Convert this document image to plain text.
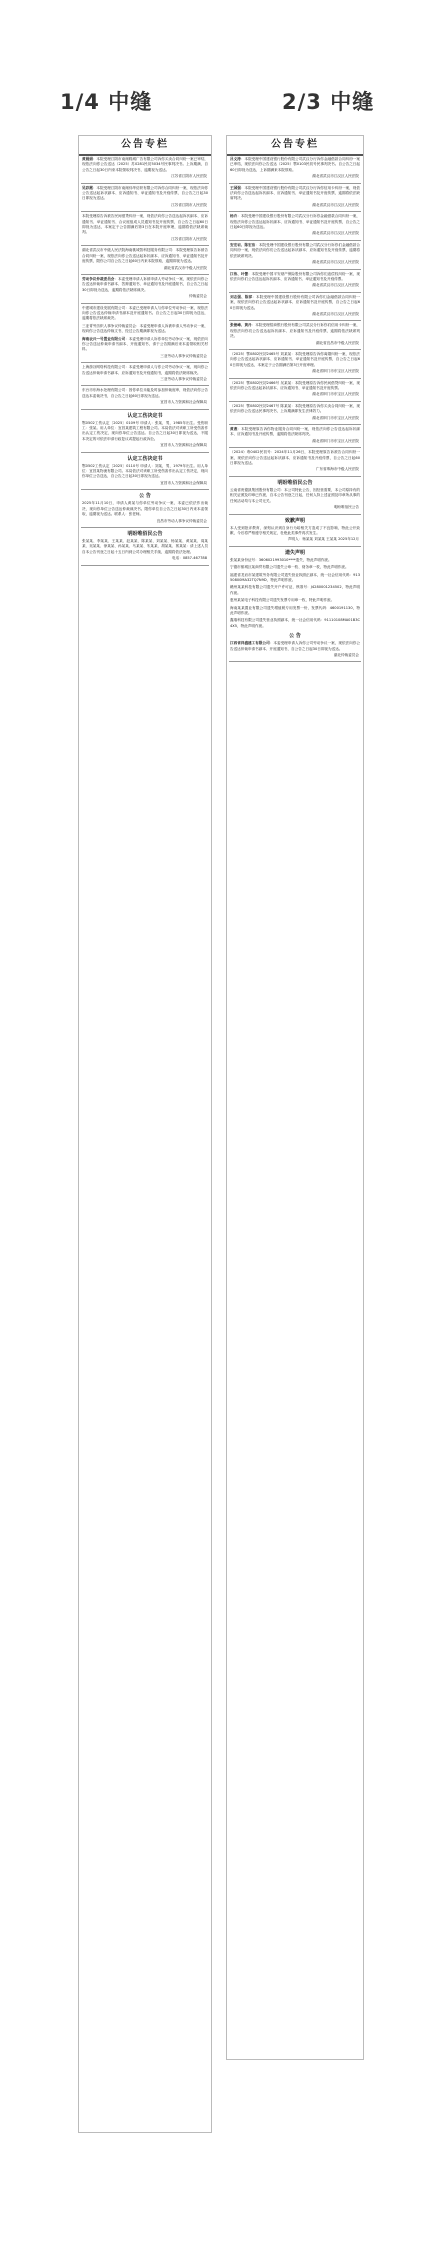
1/4 中缝	2/3 中缝
公告专栏

黄娟娟：本院受理江阴市南闸鞋城广告有限公司诉你买卖合同纠纷一案已审结，现依法向你公告送达（2025）苏0281民初5034号民事判决书。上诉期满，自公告之日起30日内来本院领取判决书，逾期视为送达。

江苏省江阴市人民法院

吴彩霞：本院受理江阴市南闸伟华纺织有限公司诉你合同纠纷一案，现依法向你公告送达起诉状副本、应诉通知书、举证通知书及开庭传票，自公告之日起30日即视为送达。

江苏省江阴市人民法院

本院受理原告诉被告民间借贷纠纷一案，现依法向你公告送达起诉状副本、应诉通知书、举证通知书、合议庭组成人员通知书及开庭传票，自公告之日起60日即视为送达，本案定于公告期满后第3日在本院开庭审理，逾期将依法缺席裁判。

江苏省江阴市人民法院

湖北省武汉市中级人民法院海南桃城智科技服务有限公司：本院受理原告诉被告合同纠纷一案，现依法向你公告送达起诉状副本、应诉通知书、举证通知书及开庭传票，限你公司自公告之日起60日内来本院领取，逾期即视为送达。

湖北省武汉市中级人民法院

劳动争议仲裁委员会：本委受理申请人诉被申请人劳动争议一案，现依法向你公告送达仲裁申请书副本、答辩通知书、举证通知书及开庭通知书，自公告之日起30日即视为送达，逾期将依法缺席裁决。

仲裁委员会

中建城市建设发展有限公司：本委已受理申请人与你单位劳动争议一案，现依法向你公告送达仲裁申请书副本及开庭通知书。自公告之日起30日即视为送达，逾期将依法缺席裁决。

三亚青劳纺织人事争议仲裁委员会：本委受理申请人诉被申请人劳动争议一案，现向你公告送达仲裁文书，经过公告期满即视为送达。

海南农兴一号置业有限公司：本委受理申请人诉你单位劳动争议一案，现依法向你公告送达仲裁申请书副本、开庭通知书，请于公告期满后来本委领取相关材料。

三亚劳动人事争议仲裁委员会

上海游谷网络科技有限公司：本委受理申请人与你公司劳动争议一案，现向你公告送达仲裁申请书副本、应诉通知书及开庭通知书，逾期将依法缺席裁决。

三亚劳动人事争议仲裁委员会

东台市东海水处理有限公司：因你单位未能及时参加仲裁庭审，现依法向你公告送达本委裁决书，自公告之日起60日即视为送达。

宜昌市人力资源和社会保障局
认定工伤决定书

鄂0502工伤认定〔2025〕0109号 申请人：张某，男，1985年出生。受伤职工：张某。用人单位：宜昌某建筑工程有限公司。本局依法对该职工所受伤害作出认定工伤决定，现向你单位公告送达。自公告之日起30日即视为送达，不服本决定的可依法申请行政复议或提起行政诉讼。

宜昌市人力资源和社会保障局
认定工伤决定书

鄂0502工伤认定〔2025〕0110号 申请人：刘某，男，1979年出生。用人单位：宜昌某物流有限公司。本局依法对该职工所受伤害作出认定工伤决定，现向你单位公告送达，自公告之日起30日即视为送达。

宜昌市人力资源和社会保障局
公 告

2025年11月10日，申请人黄某与你单位劳动争议一案，本委已依法作出裁决，现向你单位公告送达仲裁裁决书。限你单位自公告之日起30日内来本委领取，逾期视为送达。联系人：张老师。

宜昌市劳动人事争议仲裁委员会
明盼唯佰民公告

张某某、李某某、王某某、赵某某、陈某某、刘某某、杨某某、黄某某、周某某、吴某某、徐某某、孙某某、马某某、朱某某、胡某某、郭某某：请上述人员自本公告刊登之日起十五日内到公司办理相关手续，逾期将依法处理。

电话：0857-467788
公告专栏

吕文涛：本院受理中国建设银行股份有限公司武汉分行诉你金融借款合同纠纷一案已审结，现依法向你公告送达（2025）鄂0103民初号民事判决书。自公告之日起60日即视为送达，上诉期满来本院领取。

湖北省武汉市江汉区人民法院

王国强：本院受理中国建设银行股份有限公司武汉分行诉你信用卡纠纷一案，现依法向你公告送达起诉状副本、应诉通知书、举证通知书及开庭传票，逾期将依法缺席判决。

湖北省武汉市江汉区人民法院

杨卉：本院受理中国建设银行股份有限公司武汉分行诉你金融借款合同纠纷一案，现依法向你公告送达起诉状副本、应诉通知书、举证通知书及开庭传票，自公告之日起60日即视为送达。

湖北省武汉市江汉区人民法院

安宏岩、陈宏洁：本院受理中国建设银行股份有限公司武汉分行诉你们金融借款合同纠纷一案，现依法向你们公告送达起诉状副本、应诉通知书及开庭传票，逾期将依法缺席判决。

湖北省武汉市江汉区人民法院

江伟、叶蕾：本院受理中国平安财产保险股份有限公司诉你们追偿权纠纷一案，现依法向你们公告送达起诉状副本、应诉通知书、举证通知书及开庭传票。

湖北省武汉市江汉区人民法院

刘志强、陈萍：本院受理中国建设银行股份有限公司诉你们金融借款合同纠纷一案，现依法向你们公告送达起诉状副本、应诉通知书及开庭传票，自公告之日起60日即视为送达。

湖北省武汉市江汉区人民法院

张俊峰、黄丹：本院受理招商银行股份有限公司武汉分行诉你们信用卡纠纷一案，现依法向你们公告送达起诉状副本、应诉通知书及开庭传票，逾期将依法缺席判决。

湖北省宜昌市中级人民法院

（2025）鄂0802民初2465号 刘某某：本院受理原告诉你离婚纠纷一案，现依法向你公告送达起诉状副本、应诉通知书、举证通知书及开庭传票，自公告之日起60日即视为送达，本案定于公告期满后第3日开庭审理。

湖北省荆门市东宝区人民法院

（2025）鄂0802民初2466号 吴某某：本院受理原告诉你民间借贷纠纷一案，现依法向你公告送达起诉状副本、应诉通知书、举证通知书及开庭传票。

湖北省荆门市东宝区人民法院

（2025）鄂0802民初2467号 陈某某：本院受理原告诉你买卖合同纠纷一案，现依法向你公告送达民事判决书，上诉期满即发生法律效力。

湖北省荆门市东宝区人民法院

黄燕：本院受理原告诉你物业服务合同纠纷一案，现依法向你公告送达起诉状副本、应诉通知书及开庭传票，逾期将依法缺席判决。

湖北省荆门市东宝区人民法院

（2024）粤0402民初号：2024年11月26日，本院受理原告诉被告合同纠纷一案，现依法向你公告送达起诉状副本、应诉通知书及开庭传票，自公告之日起60日即视为送达。

广东省珠海市中级人民法院
明盼唯佰民公告

云南省贵德凯集团股份有限公司：本公司特此公告，因经营需要，本公司原持有的相关证照及印章已作废，自本公告刊登之日起，任何人持上述证照及印章所从事的任何活动均与本公司无关。

明盼唯佰民公告
致歉声明

本人受到批评教育，深刻认识到自身行为给相关方造成了不良影响，特此公开致歉，今后将严格遵守相关规定，杜绝此类事件再次发生。

声明人：杨某某 刘某某 王某某 2025年12月
遗失声明

张某某身份证号：3606021993010****遗失，特此声明作废。

宁德市蕉城区某商贸有限公司遗失公章一枚、财务章一枚，特此声明作废。

福建省龙岩市某建筑劳务有限公司遗失营业执照正副本，统一社会信用代码：91350800MA32TQ7N9D，特此声明作废。

赣州某某科技有限公司遗失开户许可证，核准号：J4280001234502，特此声明作废。

惠州某某电子科技有限公司遗失发票专用章一枚，特此声明作废。

海南某某置业有限公司遗失增值税专用发票一份，发票代码：4600191130，特此声明作废。

鑫瑞科技有限公司遗失营业执照副本，统一社会信用代码：91110108MA01B3C4X5，特此声明作废。

公 告

江西省祥盛建工有限公司：本委受理申请人诉你公司劳动争议一案，现依法向你公告送达仲裁申请书副本、开庭通知书，自公告之日起30日即视为送达。

湛北仲裁委员会
